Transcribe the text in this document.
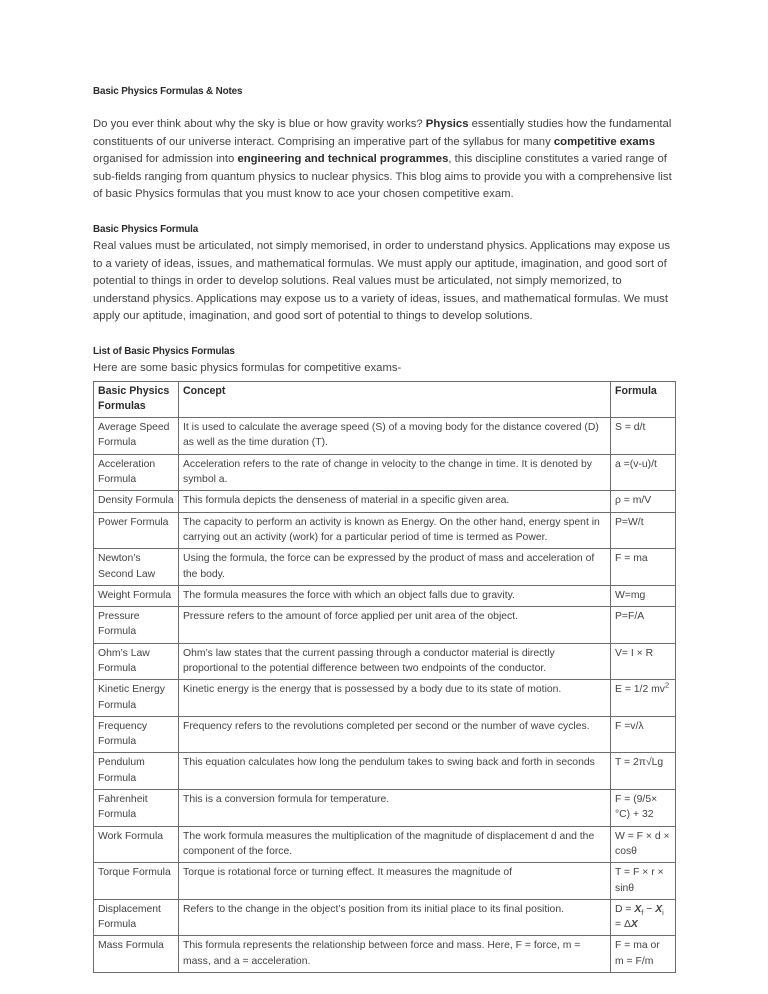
Basic Physics Formulas & Notes

Do you ever think about why the sky is blue or how gravity works? Physics essentially studies how the fundamental constituents of our universe interact. Comprising an imperative part of the syllabus for many competitive exams organised for admission into engineering and technical programmes, this discipline constitutes a varied range of sub-fields ranging from quantum physics to nuclear physics. This blog aims to provide you with a comprehensive list of basic Physics formulas that you must know to ace your chosen competitive exam.

Basic Physics Formula

Real values must be articulated, not simply memorised, in order to understand physics. Applications may expose us to a variety of ideas, issues, and mathematical formulas. We must apply our aptitude, imagination, and good sort of potential to things in order to develop solutions. Real values must be articulated, not simply memorized, to understand physics. Applications may expose us to a variety of ideas, issues, and mathematical formulas. We must apply our aptitude, imagination, and good sort of potential to things to develop solutions.

List of Basic Physics Formulas

Here are some basic physics formulas for competitive exams-

Basic Physics Formulas	Concept	Formula
Average Speed Formula	It is used to calculate the average speed (S) of a moving body for the distance covered (D) as well as the time duration (T).	S = d/t
Acceleration Formula	Acceleration refers to the rate of change in velocity to the change in time. It is denoted by symbol a.	a =(v-u)/t
Density Formula	This formula depicts the denseness of material in a specific given area.	ρ = m/V
Power Formula	The capacity to perform an activity is known as Energy. On the other hand, energy spent in carrying out an activity (work) for a particular period of time is termed as Power.	P=W/t
Newton’s Second Law	Using the formula, the force can be expressed by the product of mass and acceleration of the body.	F = ma
Weight Formula	The formula measures the force with which an object falls due to gravity.	W=mg
Pressure Formula	Pressure refers to the amount of force applied per unit area of the object.	P=F/A
Ohm’s Law Formula	Ohm’s law states that the current passing through a conductor material is directly proportional to the potential difference between two endpoints of the conductor.	V= I × R
Kinetic Energy Formula	Kinetic energy is the energy that is possessed by a body due to its state of motion.	E = 1/2 $mv^2$
Frequency Formula	Frequency refers to the revolutions completed per second or the number of wave cycles.	F =v/λ
Pendulum Formula	This equation calculates how long the pendulum takes to swing back and forth in seconds	T = 2π√Lg
Fahrenheit Formula	This is a conversion formula for temperature.	F = (9/5× °C) + 32
Work Formula	The work formula measures the multiplication of the magnitude of displacement d and the component of the force.	W = F × d × cosθ
Torque Formula	Torque is rotational force or turning effect. It measures the magnitude of	T = F × r × sinθ
Displacement Formula	Refers to the change in the object’s position from its initial place to its final position.	$D = X_f - X_i = \Delta X$
Mass Formula	This formula represents the relationship between force and mass. Here, F = force, m = mass, and a = acceleration.	F = ma or m = F/m
